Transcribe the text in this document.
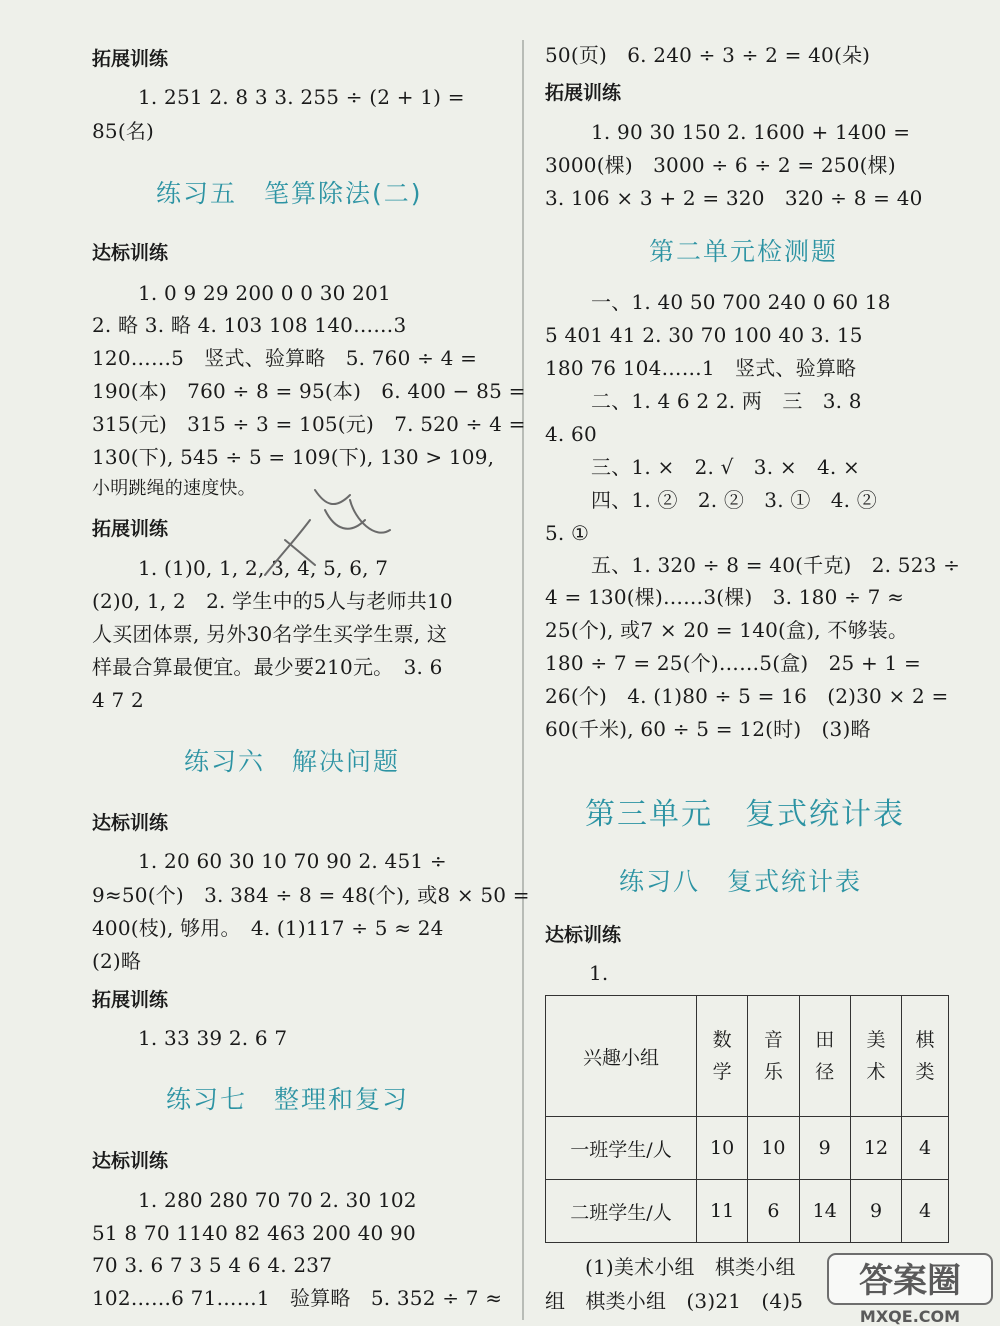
拓展训练
1. 251 2. 8 3 3. 255 ÷ (2 + 1) =
85(名)
练习五　笔算除法(二)
达标训练
1. 0 9 29 200 0 0 30 201
2. 略 3. 略 4. 103 108 140……3
120……5　竖式、验算略　5. 760 ÷ 4 =
190(本)　760 ÷ 8 = 95(本)　6. 400 − 85 =
315(元)　315 ÷ 3 = 105(元)　7. 520 ÷ 4 =
130(下), 545 ÷ 5 = 109(下), 130 > 109,
小明跳绳的速度快。
拓展训练
1. (1)0, 1, 2, 3, 4, 5, 6, 7
(2)0, 1, 2　2. 学生中的5人与老师共10
人买团体票, 另外30名学生买学生票, 这
样最合算最便宜。最少要210元。　3. 6
4 7 2
练习六　解决问题
达标训练
1. 20 60 30 10 70 90 2. 451 ÷
9≈50(个)　3. 384 ÷ 8 = 48(个), 或8 × 50 =
400(枝), 够用。　4. (1)117 ÷ 5 ≈ 24
(2)略
拓展训练
1. 33 39 2. 6 7
练习七　整理和复习
达标训练
1. 280 280 70 70 2. 30 102
51 8 70 1140 82 463 200 40 90
70 3. 6 7 3 5 4 6 4. 237
102……6 71……1　验算略　5. 352 ÷ 7 ≈
50(页)　6. 240 ÷ 3 ÷ 2 = 40(朵)
拓展训练
1. 90 30 150 2. 1600 + 1400 =
3000(棵)　3000 ÷ 6 ÷ 2 = 250(棵)
3. 106 × 3 + 2 = 320　320 ÷ 8 = 40
第二单元检测题
一、1. 40 50 700 240 0 60 18
5 401 41 2. 30 70 100 40 3. 15
180 76 104……1　竖式、验算略
二、1. 4 6 2 2. 两　三　3. 8
4. 60
三、1. ×　2. √　3. ×　4. ×
四、1. ②　2. ②　3. ①　4. ②
5. ①
五、1. 320 ÷ 8 = 40(千克)　2. 523 ÷
4 = 130(棵)……3(棵)　3. 180 ÷ 7 ≈
25(个), 或7 × 20 = 140(盒), 不够装。
180 ÷ 7 = 25(个)……5(盒)　25 + 1 =
26(个)　4. (1)80 ÷ 5 = 16　(2)30 × 2 =
60(千米), 60 ÷ 5 = 12(时)　(3)略
第三单元　复式统计表
练习八　复式统计表
达标训练
1.
兴趣小组	数学	音乐	田径	美术	棋类
一班学生/人	10	10	9	12	4
二班学生/人	11	6	14	9	4
(1)美术小组　棋类小组
组　棋类小组　(3)21　(4)5 答案圈
MXQE.COM
